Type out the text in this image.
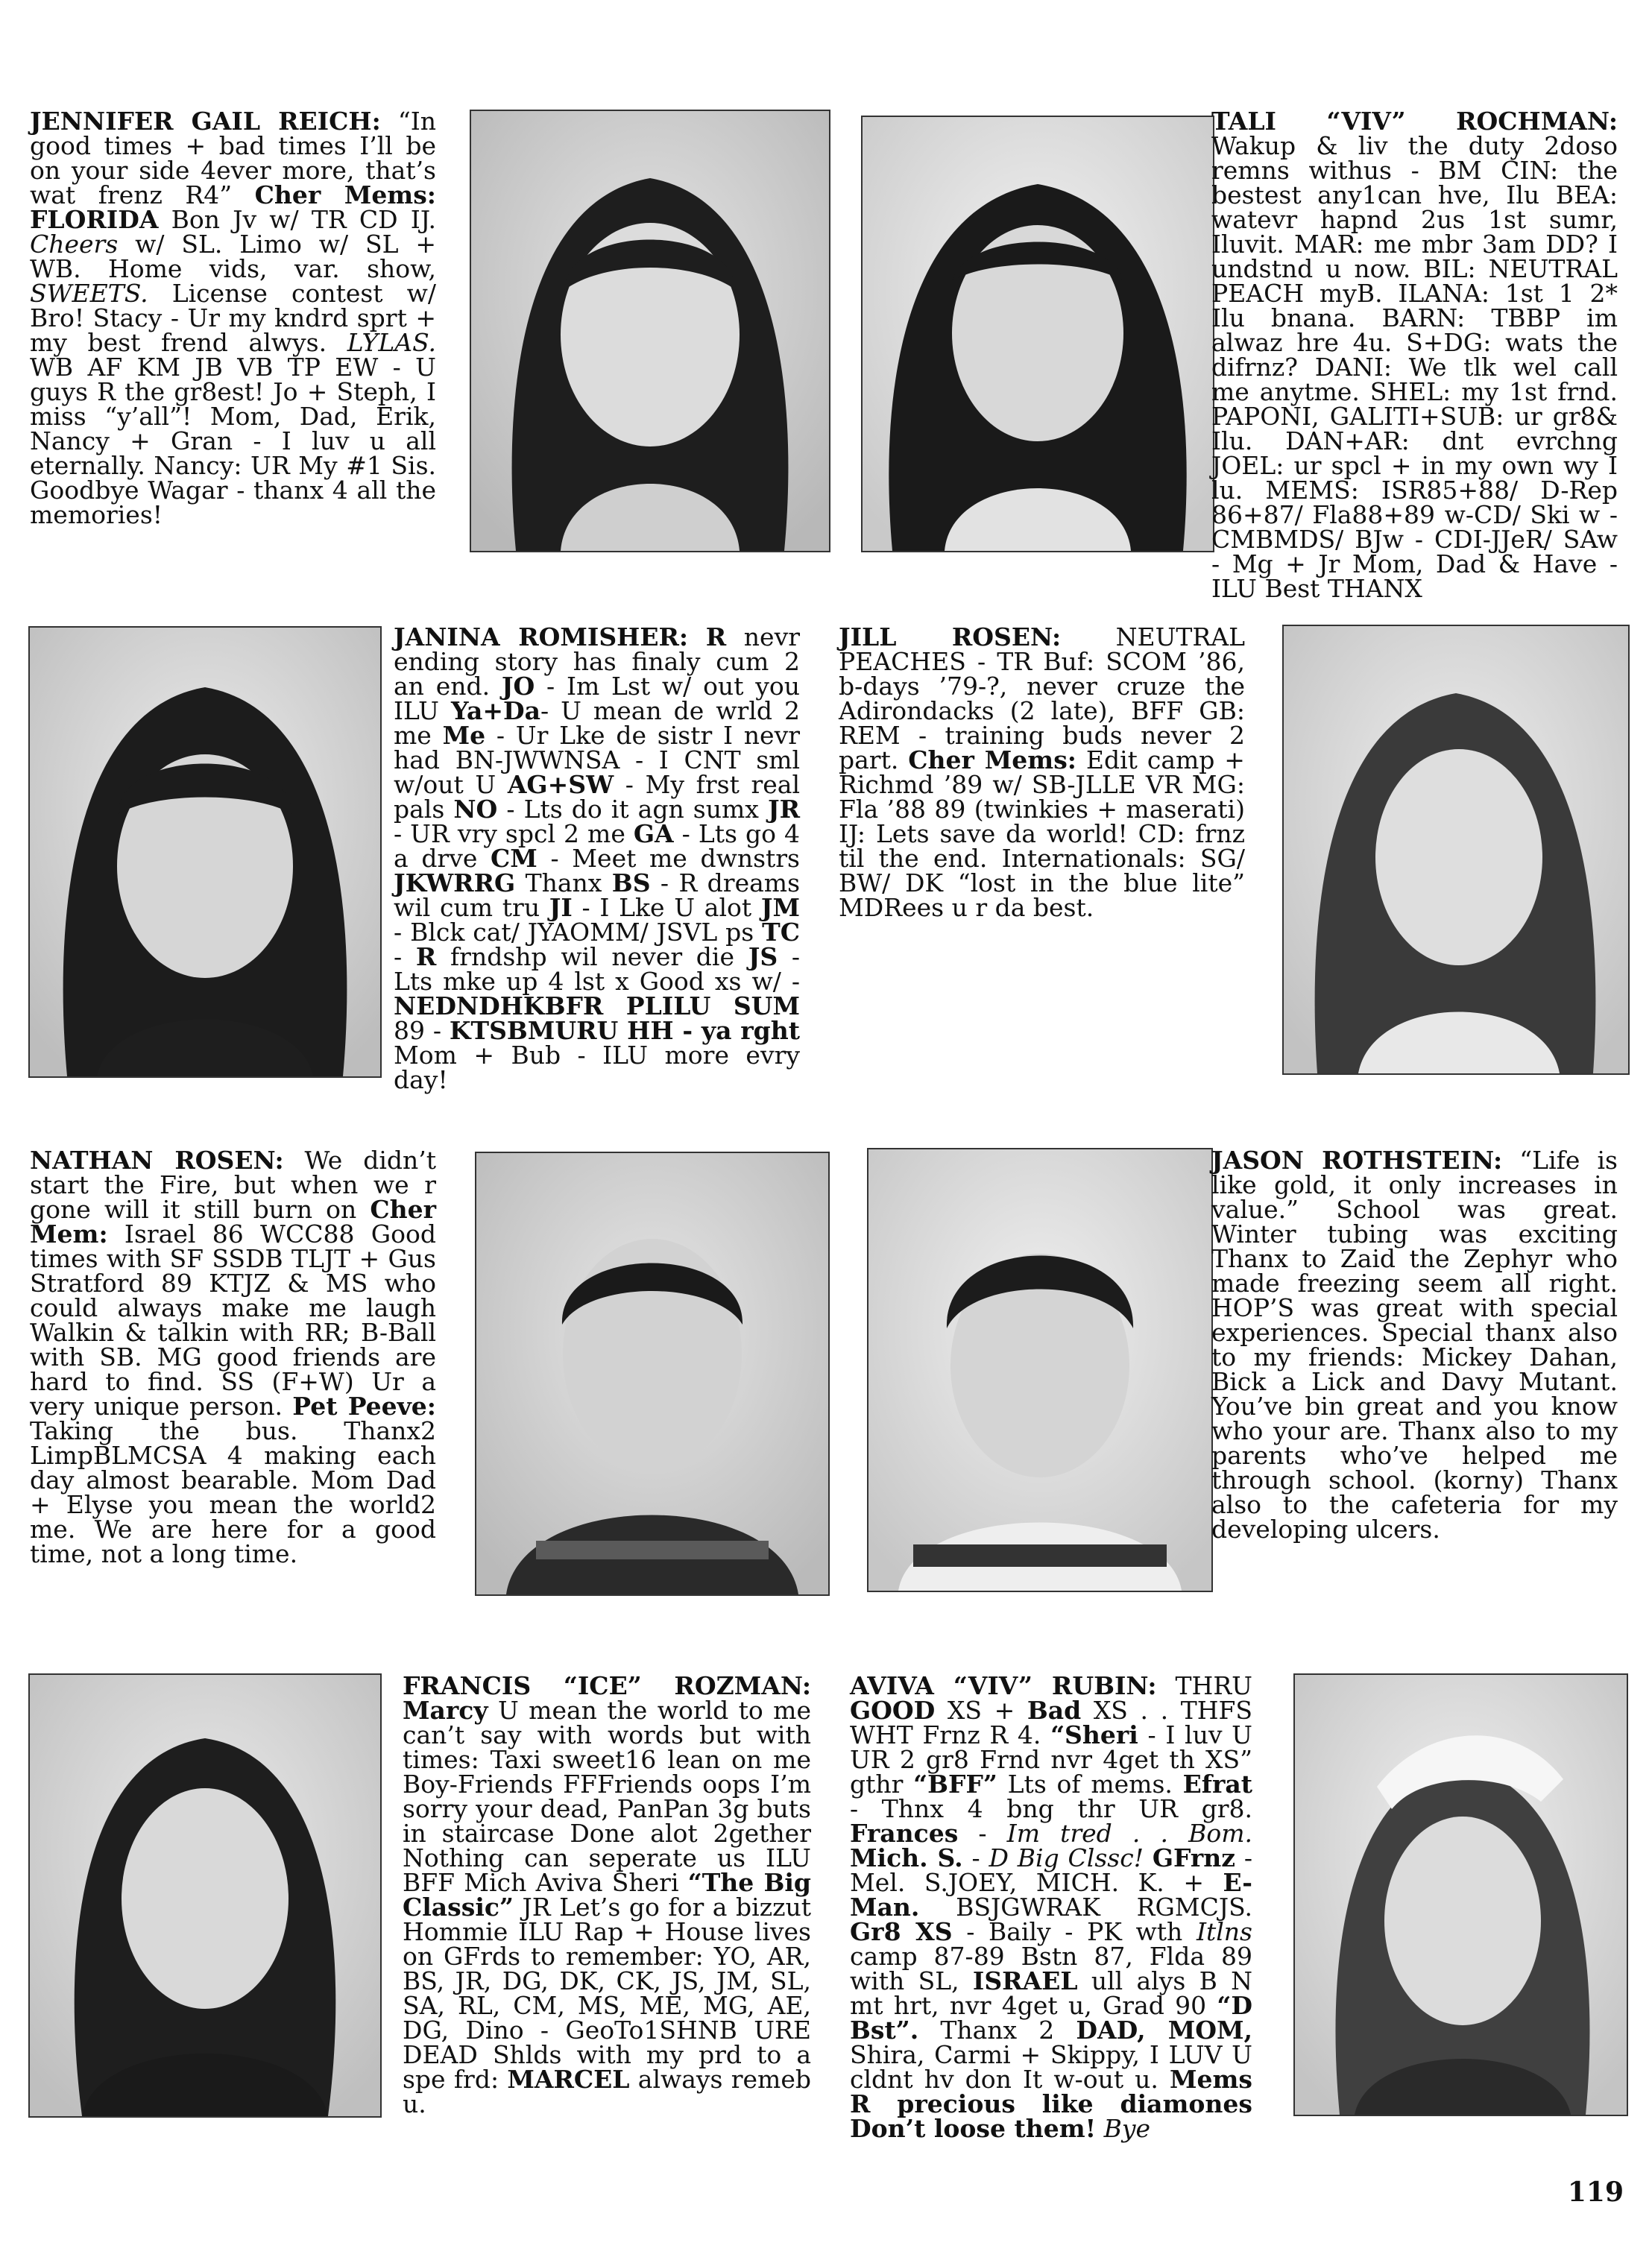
JENNIFER GAIL REICH: “In good times + bad times I’ll be on your side 4ever more, that’s wat frenz R4” Cher Mems: FLORIDA Bon Jv w/ TR CD IJ. Cheers w/ SL. Limo w/ SL + WB. Home vids, var. show, SWEETS. License contest w/ Bro! Stacy - Ur my kndrd sprt + my best frend alwys. LYLAS. WB AF KM JB VB TP EW - U guys R the gr8est! Jo + Steph, I miss “y’all”! Mom, Dad, Erik, Nancy + Gran - I luv u all eternally. Nancy: UR My #1 Sis. Goodbye Wagar - thanx 4 all the memories!
TALI “VIV” ROCHMAN: Wakup & liv the duty 2doso remns withus - BM CIN: the bestest any1can hve, Ilu BEA: watevr hapnd 2us 1st sumr, Iluvit. MAR: me mbr 3am DD? I undstnd u now. BIL: NEUTRAL PEACH myB. ILANA: 1st 1 2* Ilu bnana. BARN: TBBP im alwaz hre 4u. S+DG: wats the difrnz? DANI: We tlk wel call me anytme. SHEL: my 1st frnd. PAPONI, GALITI+SUB: ur gr8& Ilu. DAN+AR: dnt evrchng JOEL: ur spcl + in my own wy I lu. MEMS: ISR85+88/ D-Rep 86+87/ Fla88+89 w-CD/ Ski w - CMBMDS/ BJw - CDI-JJeR/ SAw - Mg + Jr Mom, Dad & Have - ILU Best THANX
JANINA ROMISHER: R nevr ending story has finaly cum 2 an end. JO - Im Lst w/ out you ILU Ya+Da- U mean de wrld 2 me Me - Ur Lke de sistr I nevr had BN-JWWNSA - I CNT sml w/out U AG+SW - My frst real pals NO - Lts do it agn sumx JR - UR vry spcl 2 me GA - Lts go 4 a drve CM - Meet me dwnstrs JKWRRG Thanx BS - R dreams wil cum tru JI - I Lke U alot JM - Blck cat/ JYAOMM/ JSVL ps TC - R frndshp wil never die JS - Lts mke up 4 lst x Good xs w/ - NEDNDHKBFR PLILU SUM 89 - KTSBMURU HH - ya rght Mom + Bub - ILU more evry day!
JILL ROSEN: NEUTRAL PEACHES - TR Buf: SCOM ’86, b-days ’79-?, never cruze the Adirondacks (2 late), BFF GB: REM - training buds never 2 part. Cher Mems: Edit camp + Richmd ’89 w/ SB-JLLE VR MG: Fla ’88 89 (twinkies + maserati) IJ: Lets save da world! CD: frnz til the end. Internationals: SG/ BW/ DK “lost in the blue lite” MDRees u r da best.
NATHAN ROSEN: We didn’t start the Fire, but when we r gone will it still burn on Cher Mem: Israel 86 WCC88 Good times with SF SSDB TLJT + Gus Stratford 89 KTJZ & MS who could always make me laugh Walkin & talkin with RR; B-Ball with SB. MG good friends are hard to find. SS (F+W) Ur a very unique person. Pet Peeve: Taking the bus. Thanx2 LimpBLMCSA 4 making each day almost bearable. Mom Dad + Elyse you mean the world2 me. We are here for a good time, not a long time.
JASON ROTHSTEIN: “Life is like gold, it only increases in value.” School was great. Winter tubing was exciting Thanx to Zaid the Zephyr who made freezing seem all right. HOP’S was great with special experiences. Special thanx also to my friends: Mickey Dahan, Bick a Lick and Davy Mutant. You’ve bin great and you know who your are. Thanx also to my parents who’ve helped me through school. (korny) Thanx also to the cafeteria for my developing ulcers.
FRANCIS “ICE” ROZMAN: Marcy U mean the world to me can’t say with words but with times: Taxi sweet16 lean on me Boy-Friends FFFriends oops I’m sorry your dead, PanPan 3g buts in staircase Done alot 2gether Nothing can seperate us ILU BFF Mich Aviva Sheri “The Big Classic” JR Let’s go for a bizzut Hommie ILU Rap + House lives on GFrds to remember: YO, AR, BS, JR, DG, DK, CK, JS, JM, SL, SA, RL, CM, MS, ME, MG, AE, DG, Dino - GeoTo1SHNB URE DEAD Shlds with my prd to a spe frd: MARCEL always remeb u.
AVIVA “VIV” RUBIN: THRU GOOD XS + Bad XS . . THFS WHT Frnz R 4. “Sheri - I luv U UR 2 gr8 Frnd nvr 4get th XS” gthr “BFF” Lts of mems. Efrat - Thnx 4 bng thr UR gr8. Frances - Im tred . . Bom. Mich. S. - D Big Clssc! GFrnz - Mel. S.JOEY, MICH. K. + E-Man. BSJGWRAK RGMCJS. Gr8 XS - Baily - PK wth Itlns camp 87-89 Bstn 87, Flda 89 with SL, ISRAEL ull alys B N mt hrt, nvr 4get u, Grad 90 “D Bst”. Thanx 2 DAD, MOM, Shira, Carmi + Skippy, I LUV U cldnt hv don It w-out u. Mems R precious like diamones Don’t loose them! Bye
119
